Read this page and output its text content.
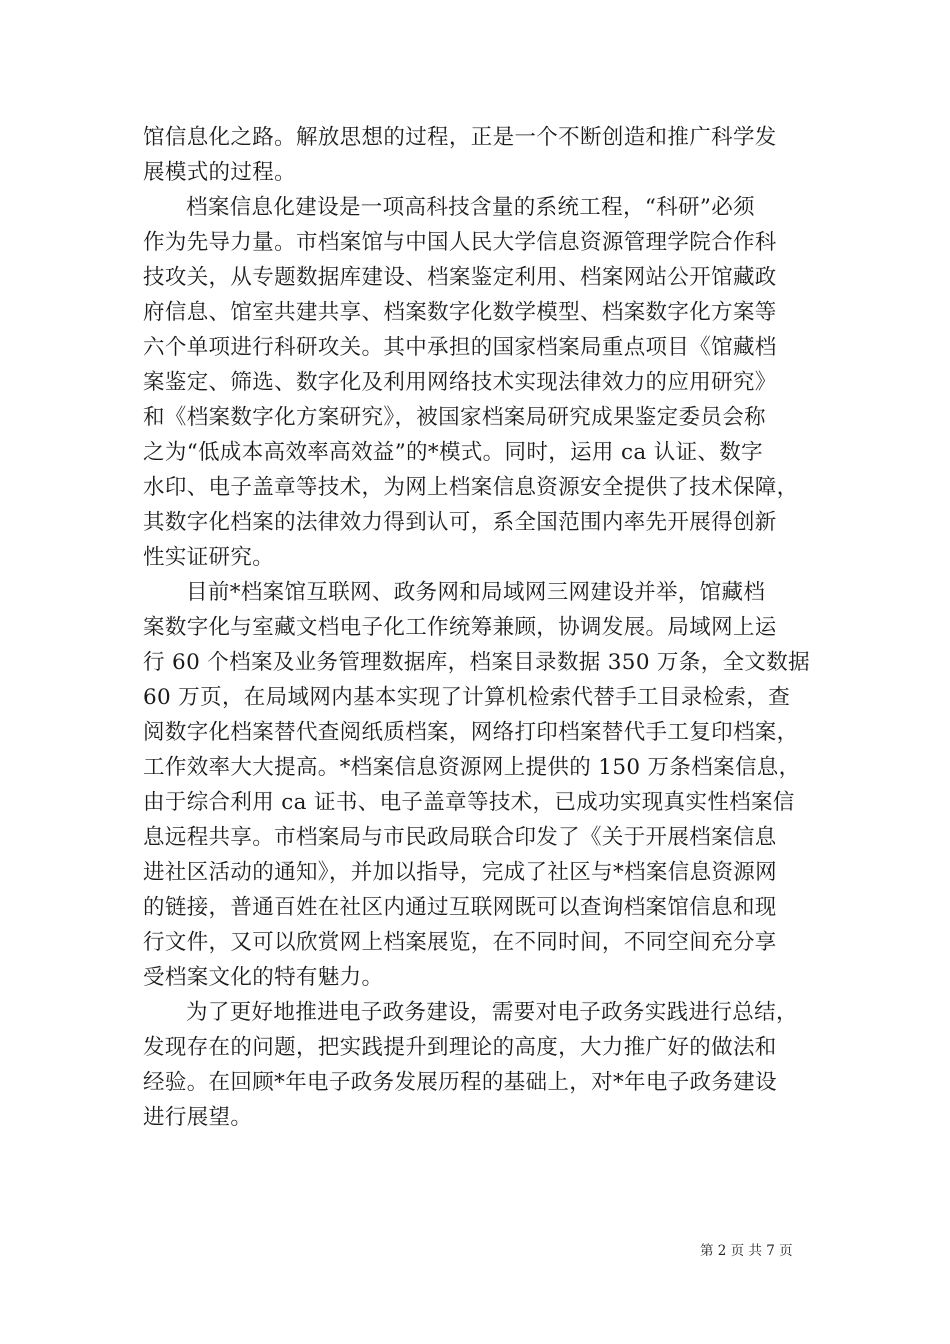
馆信息化之路。解放思想的过程，正是一个不断创造和推广科学发
展模式的过程。
档案信息化建设是一项高科技含量的系统工程，“科研”必须
作为先导力量。市档案馆与中国人民大学信息资源管理学院合作科
技攻关，从专题数据库建设、档案鉴定利用、档案网站公开馆藏政
府信息、馆室共建共享、档案数字化数学模型、档案数字化方案等
六个单项进行科研攻关。其中承担的国家档案局重点项目《馆藏档
案鉴定、筛选、数字化及利用网络技术实现法律效力的应用研究》
和《档案数字化方案研究》，被国家档案局研究成果鉴定委员会称
之为“低成本高效率高效益”的*模式。同时，运用 ca 认证、数字
水印、电子盖章等技术，为网上档案信息资源安全提供了技术保障，
其数字化档案的法律效力得到认可，系全国范围内率先开展得创新
性实证研究。
目前*档案馆互联网、政务网和局域网三网建设并举，馆藏档
案数字化与室藏文档电子化工作统筹兼顾，协调发展。局域网上运
行 60 个档案及业务管理数据库，档案目录数据 350 万条，全文数据
60 万页，在局域网内基本实现了计算机检索代替手工目录检索，查
阅数字化档案替代查阅纸质档案，网络打印档案替代手工复印档案，
工作效率大大提高。*档案信息资源网上提供的 150 万条档案信息，
由于综合利用 ca 证书、电子盖章等技术，已成功实现真实性档案信
息远程共享。市档案局与市民政局联合印发了《关于开展档案信息
进社区活动的通知》，并加以指导，完成了社区与*档案信息资源网
的链接，普通百姓在社区内通过互联网既可以查询档案馆信息和现
行文件，又可以欣赏网上档案展览，在不同时间，不同空间充分享
受档案文化的特有魅力。
为了更好地推进电子政务建设，需要对电子政务实践进行总结，
发现存在的问题，把实践提升到理论的高度，大力推广好的做法和
经验。在回顾*年电子政务发展历程的基础上，对*年电子政务建设
进行展望。
第 2 页 共 7 页
